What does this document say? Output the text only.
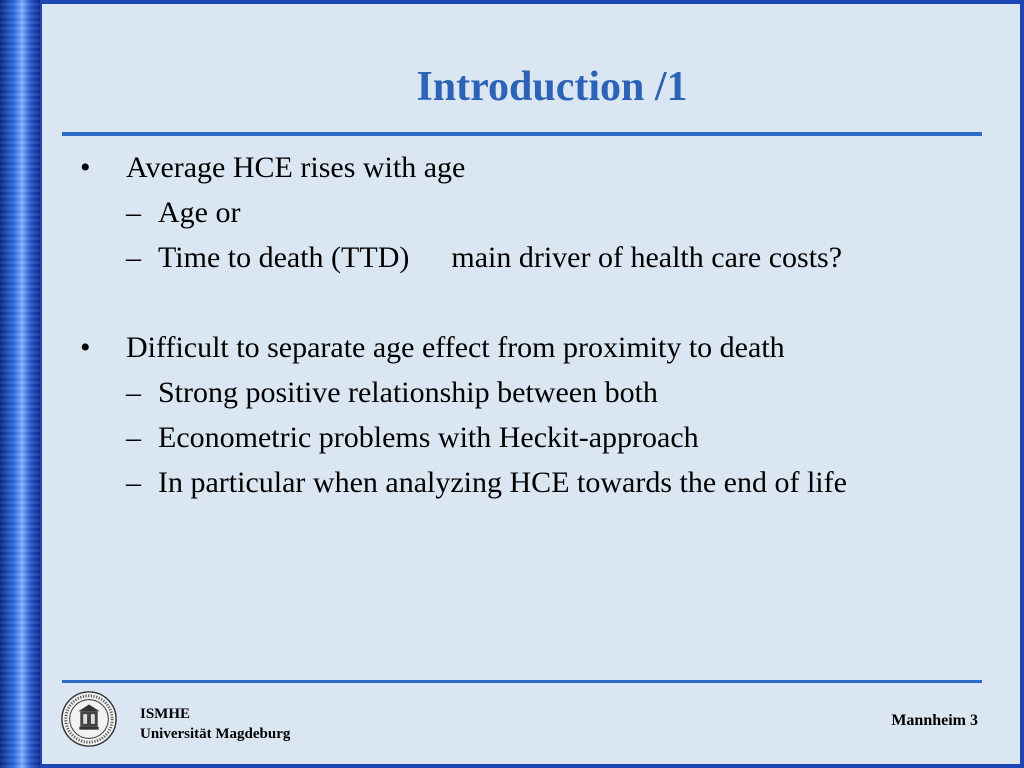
Introduction /1
• Average HCE rises with age
– Age or
– Time to death (TTD) main driver of health care costs?
• Difficult to separate age effect from proximity to death
– Strong positive relationship between both
– Econometric problems with Heckit-approach
– In particular when analyzing HCE towards the end of life
ISMHE
Universität Magdeburg
Mannheim 3
